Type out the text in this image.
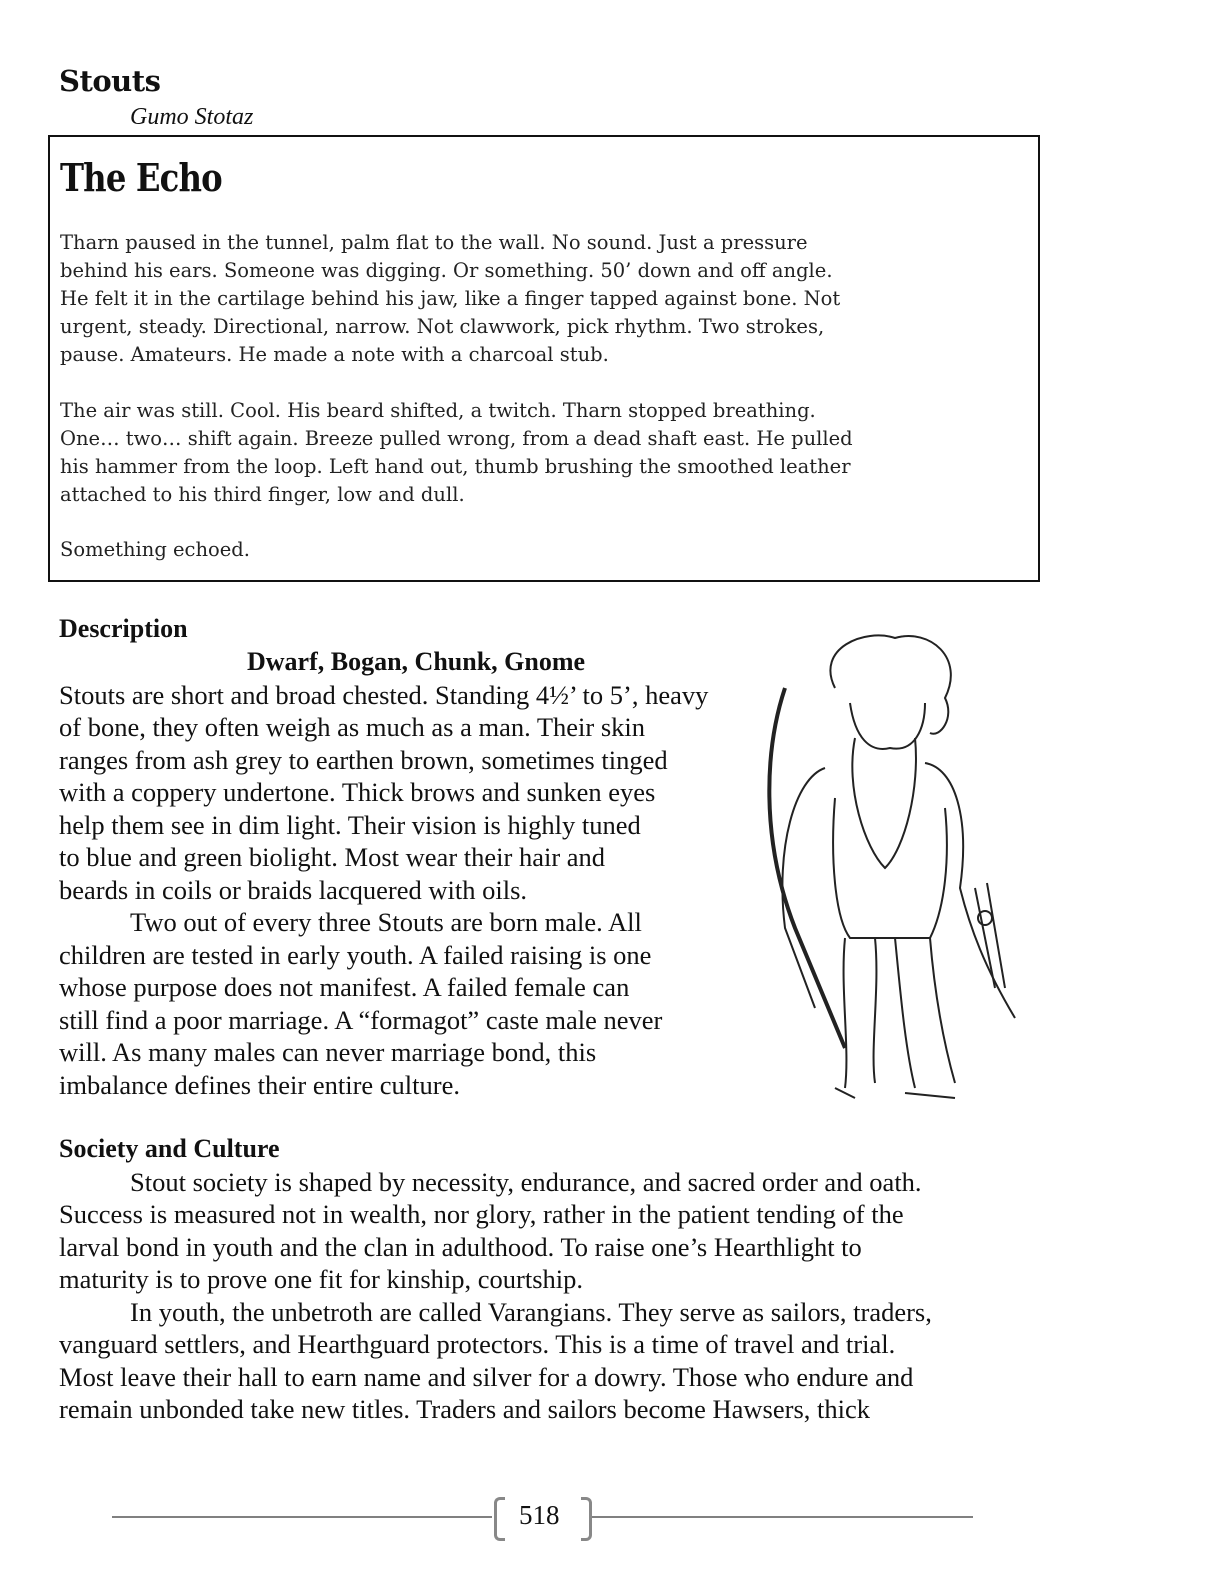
Stouts
Gumo Stotaz
The Echo
Tharn paused in the tunnel, palm flat to the wall. No sound. Just a pressure
behind his ears. Someone was digging. Or something. 50’ down and off angle.
He felt it in the cartilage behind his jaw, like a finger tapped against bone. Not
urgent, steady. Directional, narrow. Not clawwork, pick rhythm. Two strokes,
pause. Amateurs. He made a note with a charcoal stub.
The air was still. Cool. His beard shifted, a twitch. Tharn stopped breathing.
One… two… shift again. Breeze pulled wrong, from a dead shaft east. He pulled
his hammer from the loop. Left hand out, thumb brushing the smoothed leather
attached to his third finger, low and dull.
Something echoed.
Description
Dwarf, Bogan, Chunk, Gnome
Stouts are short and broad chested. Standing 4½’ to 5’, heavy
of bone, they often weigh as much as a man. Their skin
ranges from ash grey to earthen brown, sometimes tinged
with a coppery undertone. Thick brows and sunken eyes
help them see in dim light. Their vision is highly tuned
to blue and green biolight. Most wear their hair and
beards in coils or braids lacquered with oils.
Two out of every three Stouts are born male. All
children are tested in early youth. A failed raising is one
whose purpose does not manifest. A failed female can
still find a poor marriage. A “formagot” caste male never
will. As many males can never marriage bond, this
imbalance defines their entire culture.
Society and Culture
Stout society is shaped by necessity, endurance, and sacred order and oath.
Success is measured not in wealth, nor glory, rather in the patient tending of the
larval bond in youth and the clan in adulthood. To raise one’s Hearthlight to
maturity is to prove one fit for kinship, courtship.
In youth, the unbetroth are called Varangians. They serve as sailors, traders,
vanguard settlers, and Hearthguard protectors. This is a time of travel and trial.
Most leave their hall to earn name and silver for a dowry. Those who endure and
remain unbonded take new titles. Traders and sailors become Hawsers, thick
518
